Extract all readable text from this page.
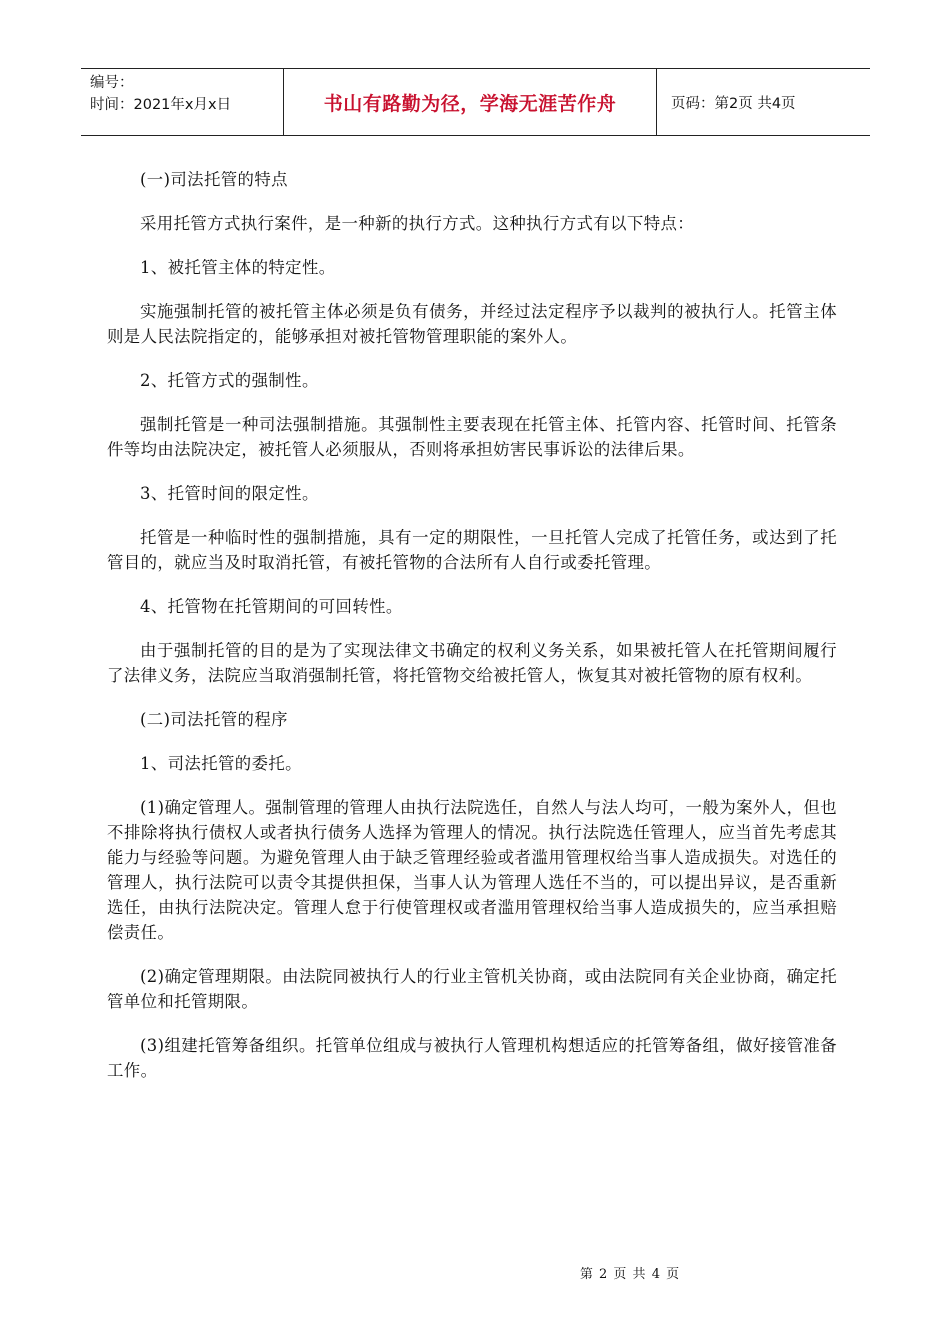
编号：
时间：2021年x月x日	书山有路勤为径，学海无涯苦作舟	页码：第2页 共4页

(一)司法托管的特点

采用托管方式执行案件，是一种新的执行方式。这种执行方式有以下特点：

1、被托管主体的特定性。

实施强制托管的被托管主体必须是负有债务，并经过法定程序予以裁判的被执行人。托管主体则是人民法院指定的，能够承担对被托管物管理职能的案外人。

2、托管方式的强制性。

强制托管是一种司法强制措施。其强制性主要表现在托管主体、托管内容、托管时间、托管条件等均由法院决定，被托管人必须服从，否则将承担妨害民事诉讼的法律后果。

3、托管时间的限定性。

托管是一种临时性的强制措施，具有一定的期限性，一旦托管人完成了托管任务，或达到了托管目的，就应当及时取消托管，有被托管物的合法所有人自行或委托管理。

4、托管物在托管期间的可回转性。

由于强制托管的目的是为了实现法律文书确定的权利义务关系，如果被托管人在托管期间履行了法律义务，法院应当取消强制托管，将托管物交给被托管人，恢复其对被托管物的原有权利。

(二)司法托管的程序

1、司法托管的委托。

(1)确定管理人。强制管理的管理人由执行法院选任，自然人与法人均可，一般为案外人，但也不排除将执行债权人或者执行债务人选择为管理人的情况。执行法院选任管理人，应当首先考虑其能力与经验等问题。为避免管理人由于缺乏管理经验或者滥用管理权给当事人造成损失。对选任的管理人，执行法院可以责令其提供担保，当事人认为管理人选任不当的，可以提出异议，是否重新选任，由执行法院决定。管理人怠于行使管理权或者滥用管理权给当事人造成损失的，应当承担赔偿责任。

(2)确定管理期限。由法院同被执行人的行业主管机关协商，或由法院同有关企业协商，确定托管单位和托管期限。

(3)组建托管筹备组织。托管单位组成与被执行人管理机构想适应的托管筹备组，做好接管准备工作。

第 2 页 共 4 页
